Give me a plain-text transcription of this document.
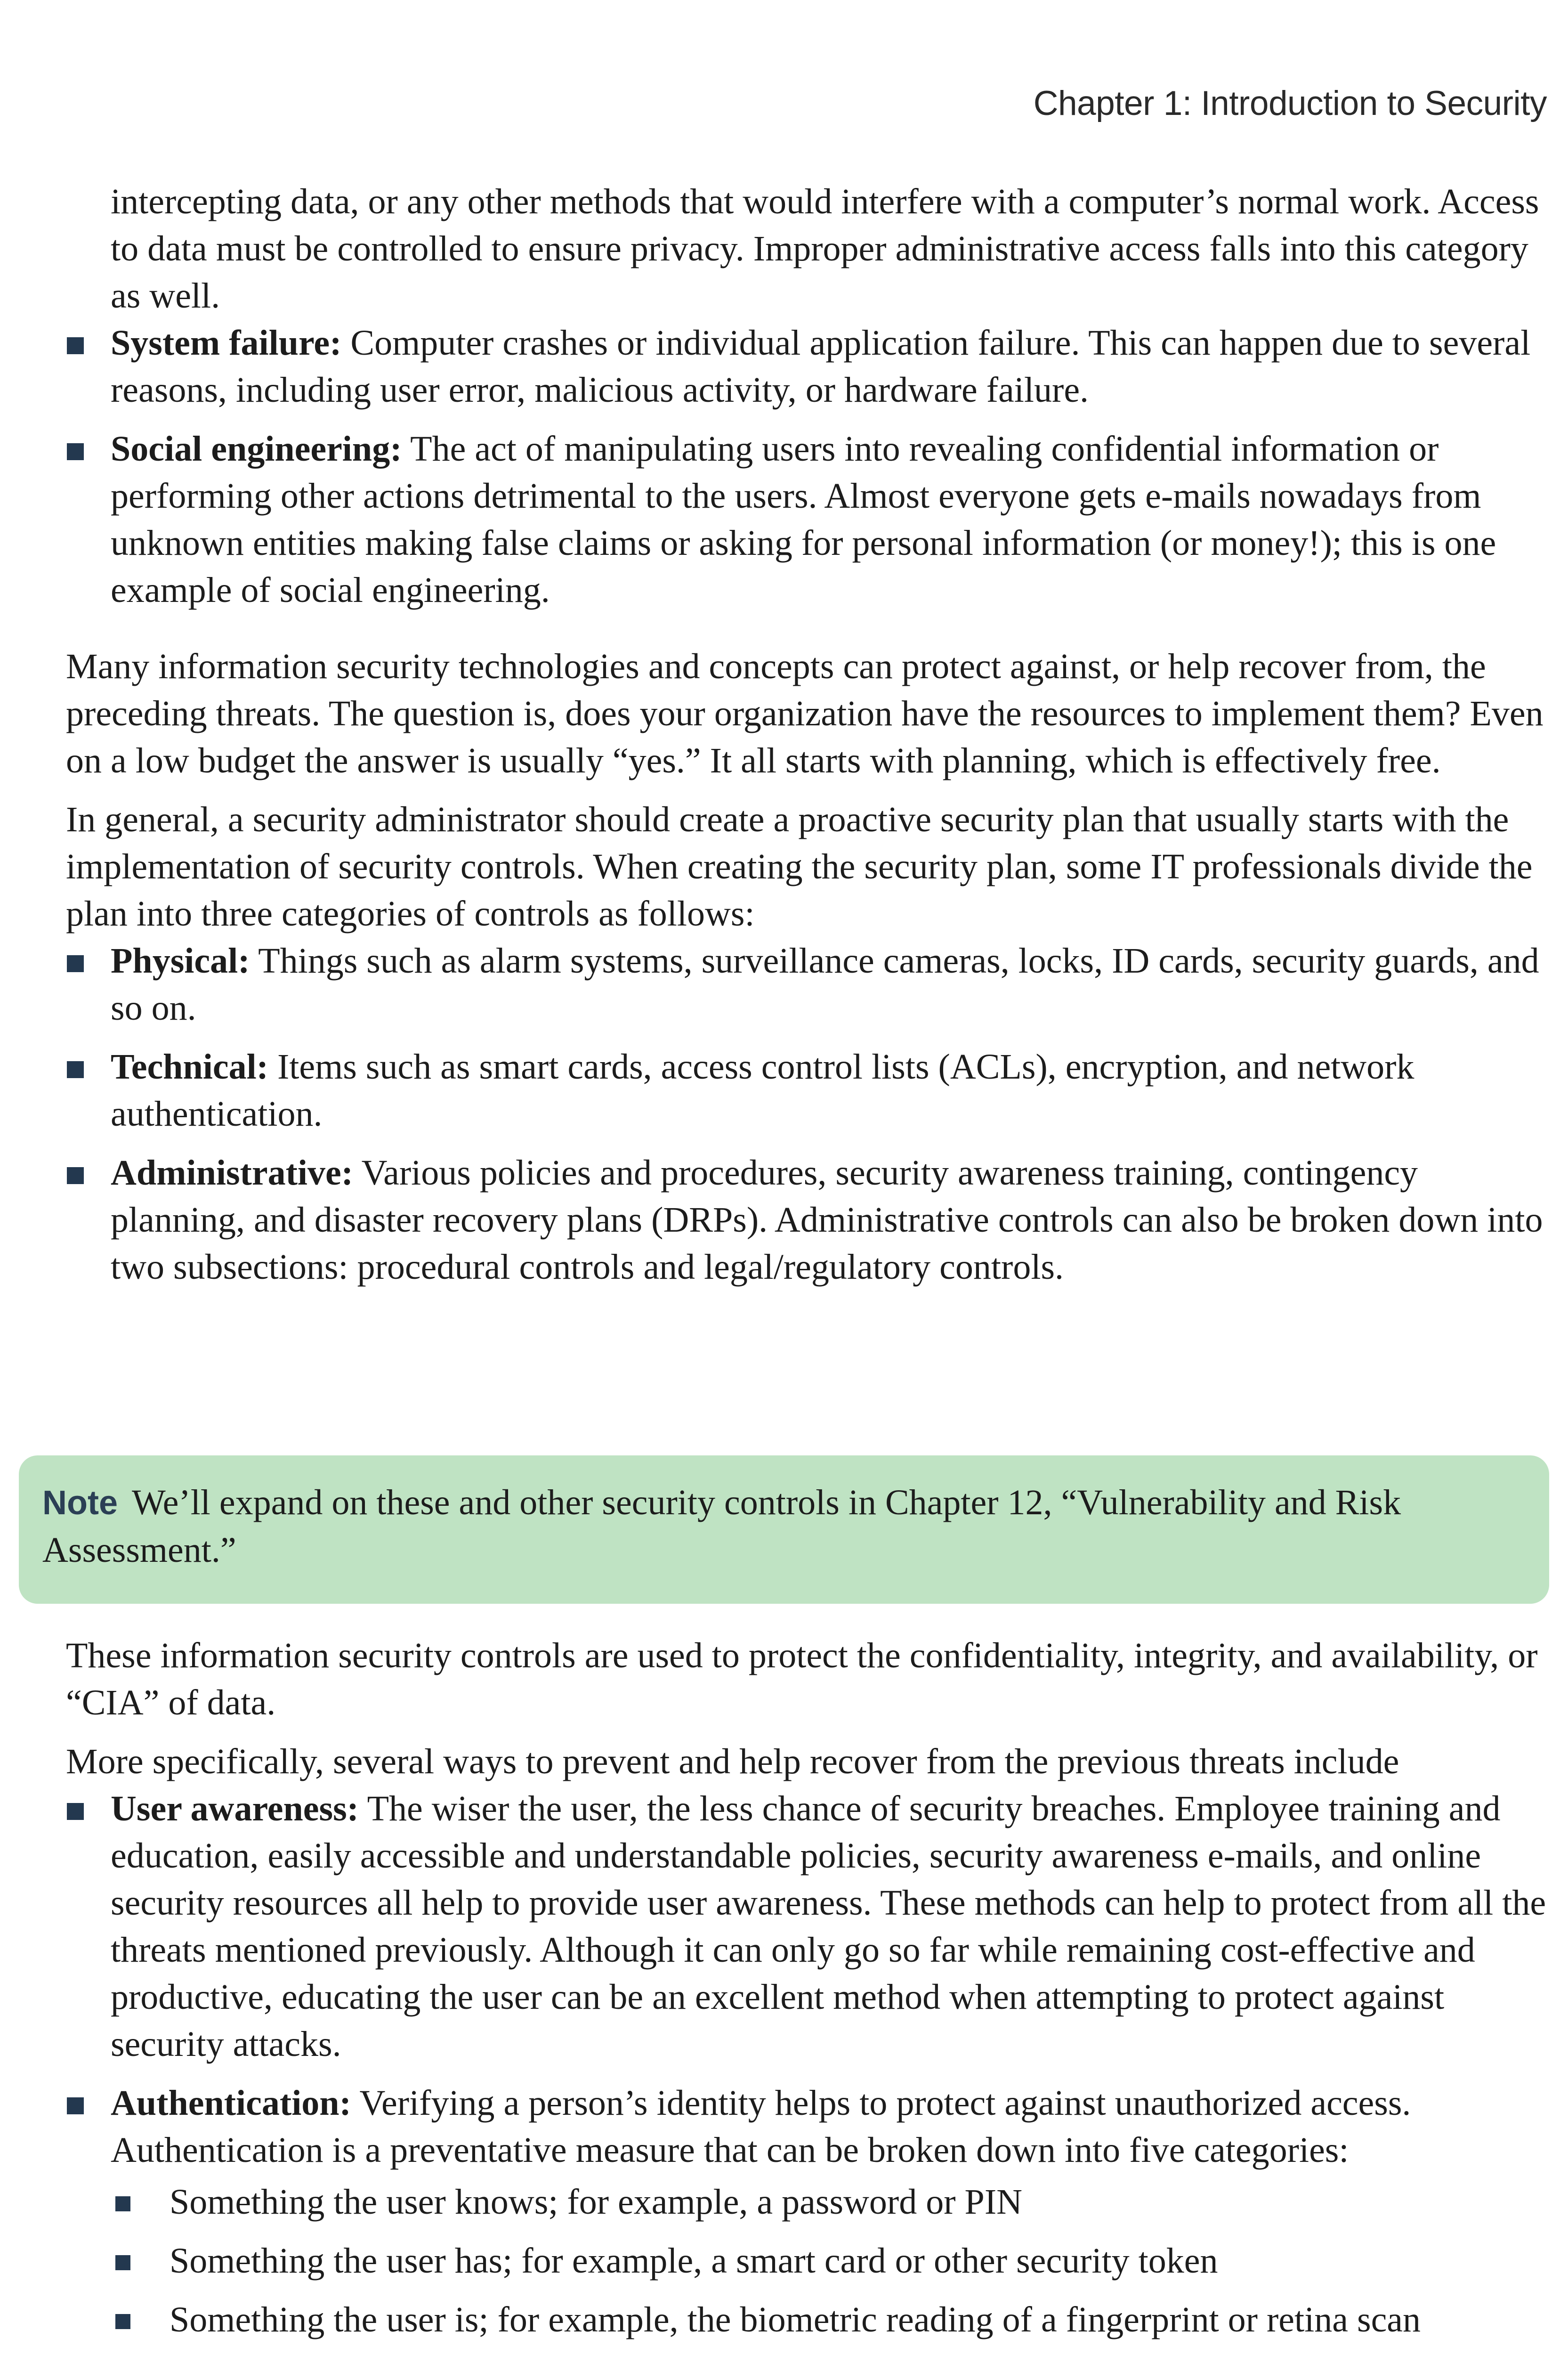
Chapter 1: Introduction to Security

intercepting data, or any other methods that would interfere with a computer’s normal work. Access to data must be controlled to ensure privacy. Improper administrative access falls into this category as well.

System failure: Computer crashes or individual application failure. This can happen due to several reasons, including user error, malicious activity, or hardware failure.
Social engineering: The act of manipulating users into revealing confidential information or performing other actions detrimental to the users. Almost everyone gets e-mails nowadays from unknown entities making false claims or asking for personal information (or money!); this is one example of social engineering.

Many information security technologies and concepts can protect against, or help recover from, the preceding threats. The question is, does your organization have the resources to implement them? Even on a low budget the answer is usually “yes.” It all starts with planning, which is effectively free.

In general, a security administrator should create a proactive security plan that usually starts with the implementation of security controls. When creating the security plan, some IT professionals divide the plan into three categories of controls as follows:

Physical: Things such as alarm systems, surveillance cameras, locks, ID cards, security guards, and so on.
Technical: Items such as smart cards, access control lists (ACLs), encryption, and network authentication.
Administrative: Various policies and procedures, security awareness training, contingency planning, and disaster recovery plans (DRPs). Administrative controls can also be broken down into two subsections: procedural controls and legal/regulatory controls.
Note We’ll expand on these and other security controls in Chapter 12, “Vulnerability and Risk Assessment.”

These information security controls are used to protect the confidentiality, integrity, and availability, or “CIA” of data.

More specifically, several ways to prevent and help recover from the previous threats include

User awareness: The wiser the user, the less chance of security breaches. Employee training and education, easily accessible and understandable policies, security awareness e-mails, and online security resources all help to provide user awareness. These methods can help to protect from all the threats mentioned previously. Although it can only go so far while remaining cost-effective and productive, educating the user can be an excellent method when attempting to protect against security attacks.
Authentication: Verifying a person’s identity helps to protect against unauthorized access. Authentication is a preventative measure that can be broken down into five categories:
Something the user knows; for example, a password or PIN
Something the user has; for example, a smart card or other security token
Something the user is; for example, the biometric reading of a fingerprint or retina scan
